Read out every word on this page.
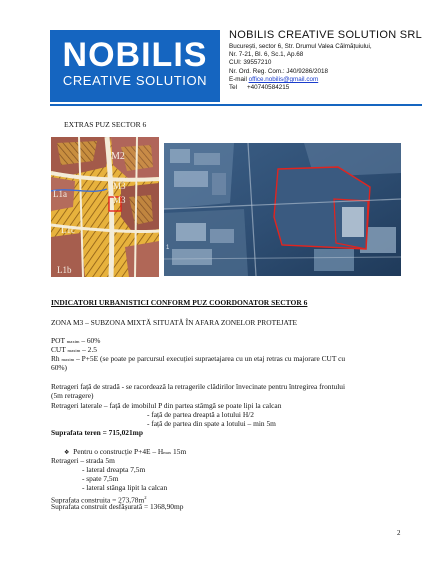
NOBILIS
CREATIVE SOLUTION
NOBILIS CREATIVE SOLUTION SRL
București, sector 6, Str. Drumul Valea Călmățuiului,
Nr. 7-21, Bl. 6, Sc.1, Ap.68
CUI: 39557210
Nr. Ord. Reg. Com.: J40/9286/2018
E-mail office.nobilis@gmail.com
Tel +40740584215
EXTRAS PUZ SECTOR 6
M2
M3
M3
L1a
L1c
L1b
1
INDICATORI URBANISTICI CONFORM PUZ COORDONATOR SECTOR 6
ZONA M3 – SUBZONA MIXTĂ SITUATĂ ÎN AFARA ZONELOR PROTEJATE
POT maxim – 60%
CUT maxim – 2.5
Rh maxim – P+5E (se poate pe parcursul execuției supraetajarea cu un etaj retras cu majorare CUT cu
60%)
Retrageri față de stradă - se racordează la retragerile clădirilor învecinate pentru întregirea frontului
(5m retragere)
Retrageri laterale – față de imobilul P din partea stâmgă se poate lipi la calcan
- față de partea dreaptă a lotului H/2
- față de partea din spate a lotului – min 5m
Suprafata teren = 715,021mp
❖ Pentru o construcție P+4E – Hmax 15m
Retrageri – strada 5m
- lateral dreapta 7,5m
- spate 7,5m
- lateral stânga lipit la calcan
Suprafata construita = $273,78m^2$
Suprafata construit desfășurată = 1368,90mp
2
